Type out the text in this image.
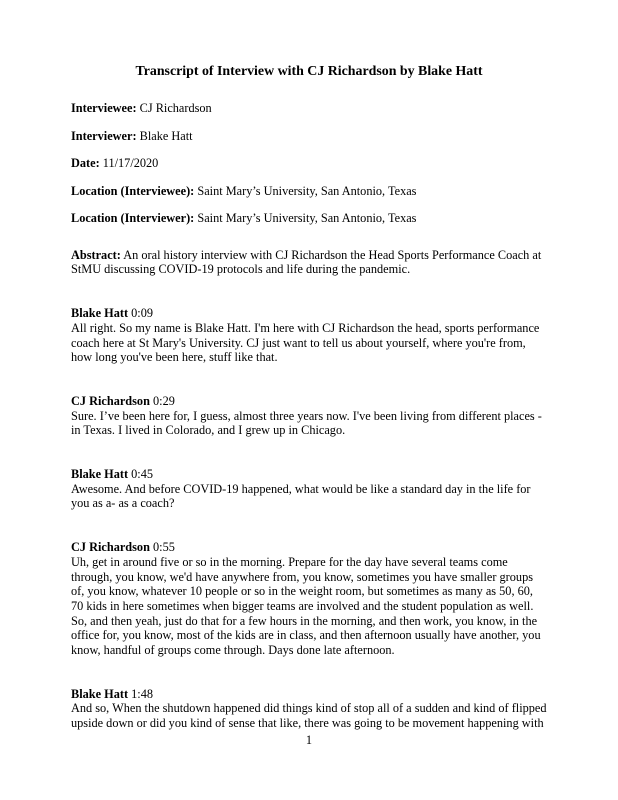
Transcript of Interview with CJ Richardson by Blake Hatt

Interviewee: CJ Richardson

Interviewer: Blake Hatt

Date: 11/17/2020

Location (Interviewee): Saint Mary’s University, San Antonio, Texas

Location (Interviewer): Saint Mary’s University, San Antonio, Texas

Abstract: An oral history interview with CJ Richardson the Head Sports Performance Coach at StMU discussing COVID-19 protocols and life during the pandemic.

Blake Hatt 0:09

All right. So my name is Blake Hatt. I'm here with CJ Richardson the head, sports performance coach here at St Mary's University. CJ just want to tell us about yourself, where you're from, how long you've been here, stuff like that.

CJ Richardson 0:29

Sure. I’ve been here for, I guess, almost three years now. I've been living from different places - in Texas. I lived in Colorado, and I grew up in Chicago.

Blake Hatt 0:45

Awesome. And before COVID-19 happened, what would be like a standard day in the life for you as a- as a coach?

CJ Richardson 0:55

Uh, get in around five or so in the morning. Prepare for the day have several teams come through, you know, we'd have anywhere from, you know, sometimes you have smaller groups of, you know, whatever 10 people or so in the weight room, but sometimes as many as 50, 60, 70 kids in here sometimes when bigger teams are involved and the student population as well. So, and then yeah, just do that for a few hours in the morning, and then work, you know, in the office for, you know, most of the kids are in class, and then afternoon usually have another, you know, handful of groups come through. Days done late afternoon.

Blake Hatt 1:48

And so, When the shutdown happened did things kind of stop all of a sudden and kind of flipped upside down or did you kind of sense that like, there was going to be movement happening with

1
